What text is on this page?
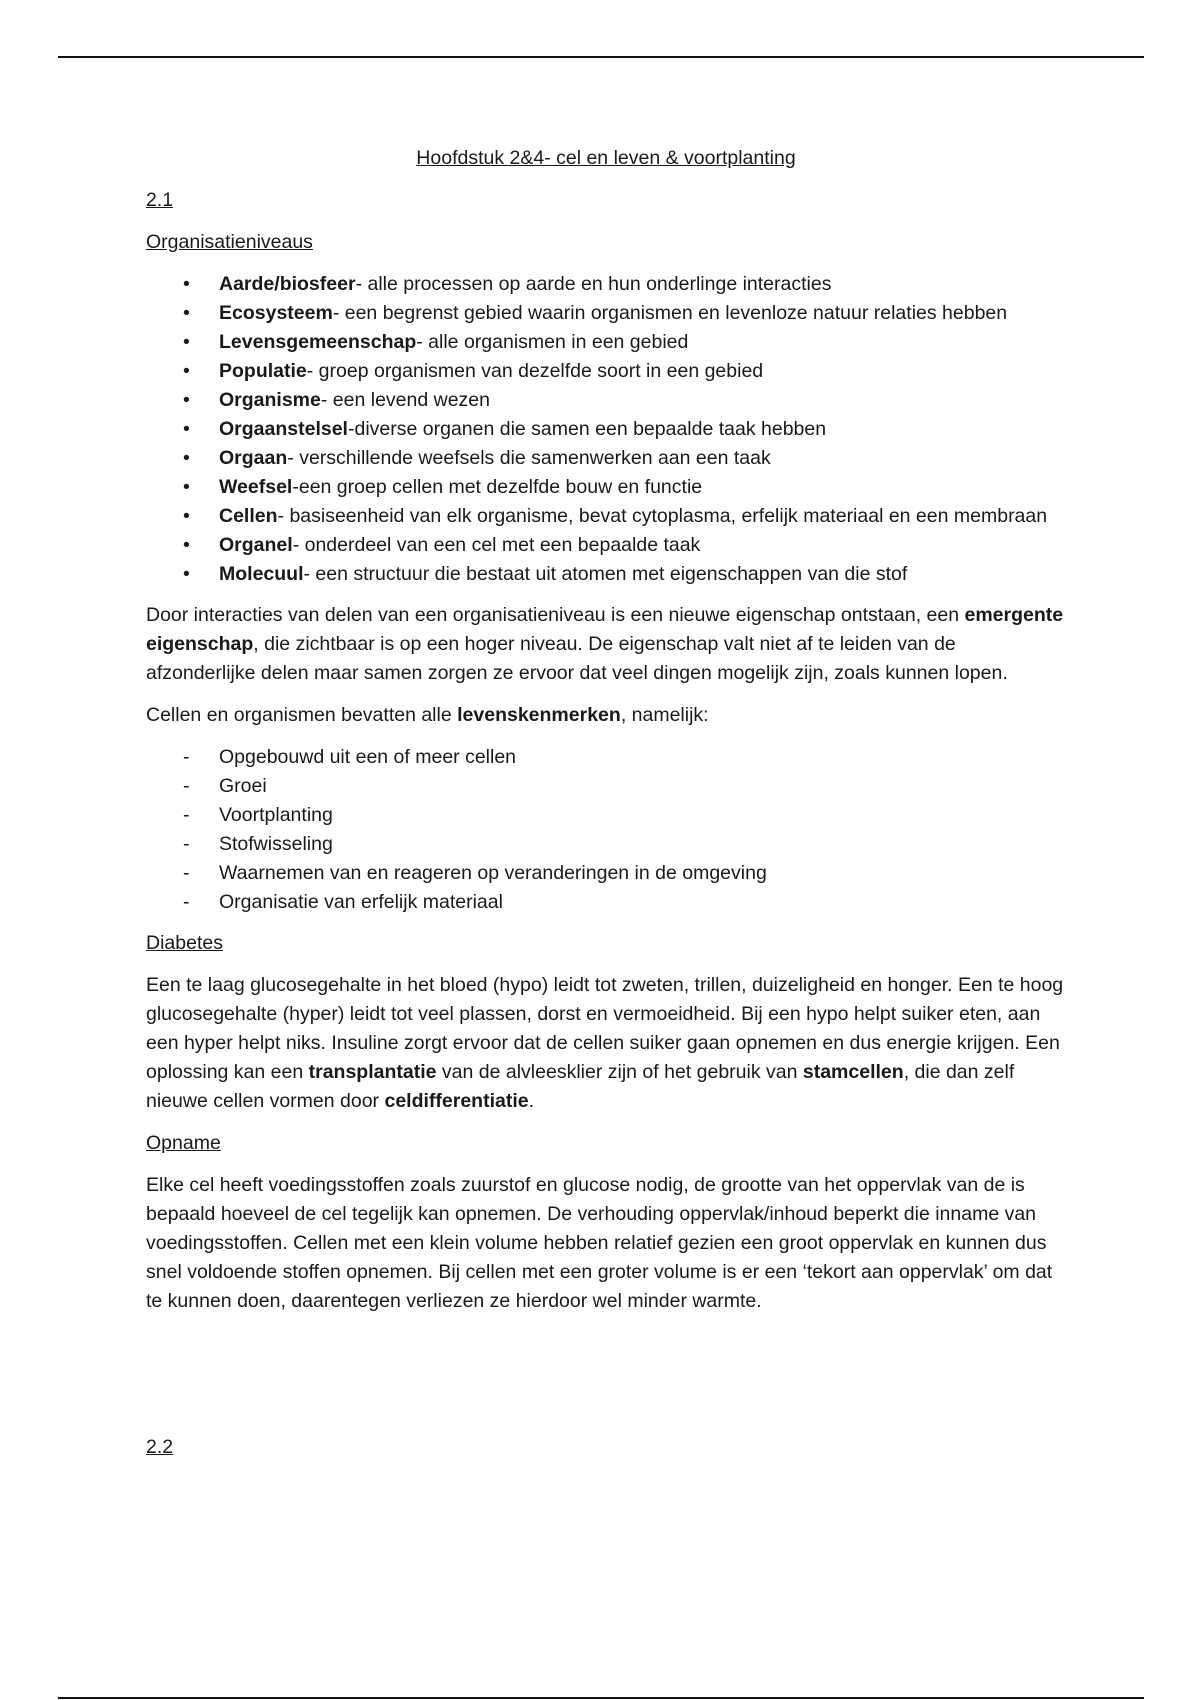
Hoofdstuk 2&4- cel en leven & voortplanting

2.1

Organisatieniveaus

• Aarde/biosfeer- alle processen op aarde en hun onderlinge interacties
• Ecosysteem- een begrenst gebied waarin organismen en levenloze natuur relaties hebben
• Levensgemeenschap- alle organismen in een gebied
• Populatie- groep organismen van dezelfde soort in een gebied
• Organisme- een levend wezen
• Orgaanstelsel-diverse organen die samen een bepaalde taak hebben
• Orgaan- verschillende weefsels die samenwerken aan een taak
• Weefsel-een groep cellen met dezelfde bouw en functie
• Cellen- basiseenheid van elk organisme, bevat cytoplasma, erfelijk materiaal en een membraan
• Organel- onderdeel van een cel met een bepaalde taak
• Molecuul- een structuur die bestaat uit atomen met eigenschappen van die stof

Door interacties van delen van een organisatieniveau is een nieuwe eigenschap ontstaan, een emergente eigenschap, die zichtbaar is op een hoger niveau. De eigenschap valt niet af te leiden van de afzonderlijke delen maar samen zorgen ze ervoor dat veel dingen mogelijk zijn, zoals kunnen lopen.

Cellen en organismen bevatten alle levenskenmerken, namelijk:

- Opgebouwd uit een of meer cellen
- Groei
- Voortplanting
- Stofwisseling
- Waarnemen van en reageren op veranderingen in de omgeving
- Organisatie van erfelijk materiaal

Diabetes

Een te laag glucosegehalte in het bloed (hypo) leidt tot zweten, trillen, duizeligheid en honger. Een te hoog glucosegehalte (hyper) leidt tot veel plassen, dorst en vermoeidheid. Bij een hypo helpt suiker eten, aan een hyper helpt niks. Insuline zorgt ervoor dat de cellen suiker gaan opnemen en dus energie krijgen. Een oplossing kan een transplantatie van de alvleesklier zijn of het gebruik van stamcellen, die dan zelf nieuwe cellen vormen door celdifferentiatie.

Opname

Elke cel heeft voedingsstoffen zoals zuurstof en glucose nodig, de grootte van het oppervlak van de is bepaald hoeveel de cel tegelijk kan opnemen. De verhouding oppervlak/inhoud beperkt die inname van voedingsstoffen. Cellen met een klein volume hebben relatief gezien een groot oppervlak en kunnen dus snel voldoende stoffen opnemen. Bij cellen met een groter volume is er een ‘tekort aan oppervlak’ om dat te kunnen doen, daarentegen verliezen ze hierdoor wel minder warmte.

2.2
